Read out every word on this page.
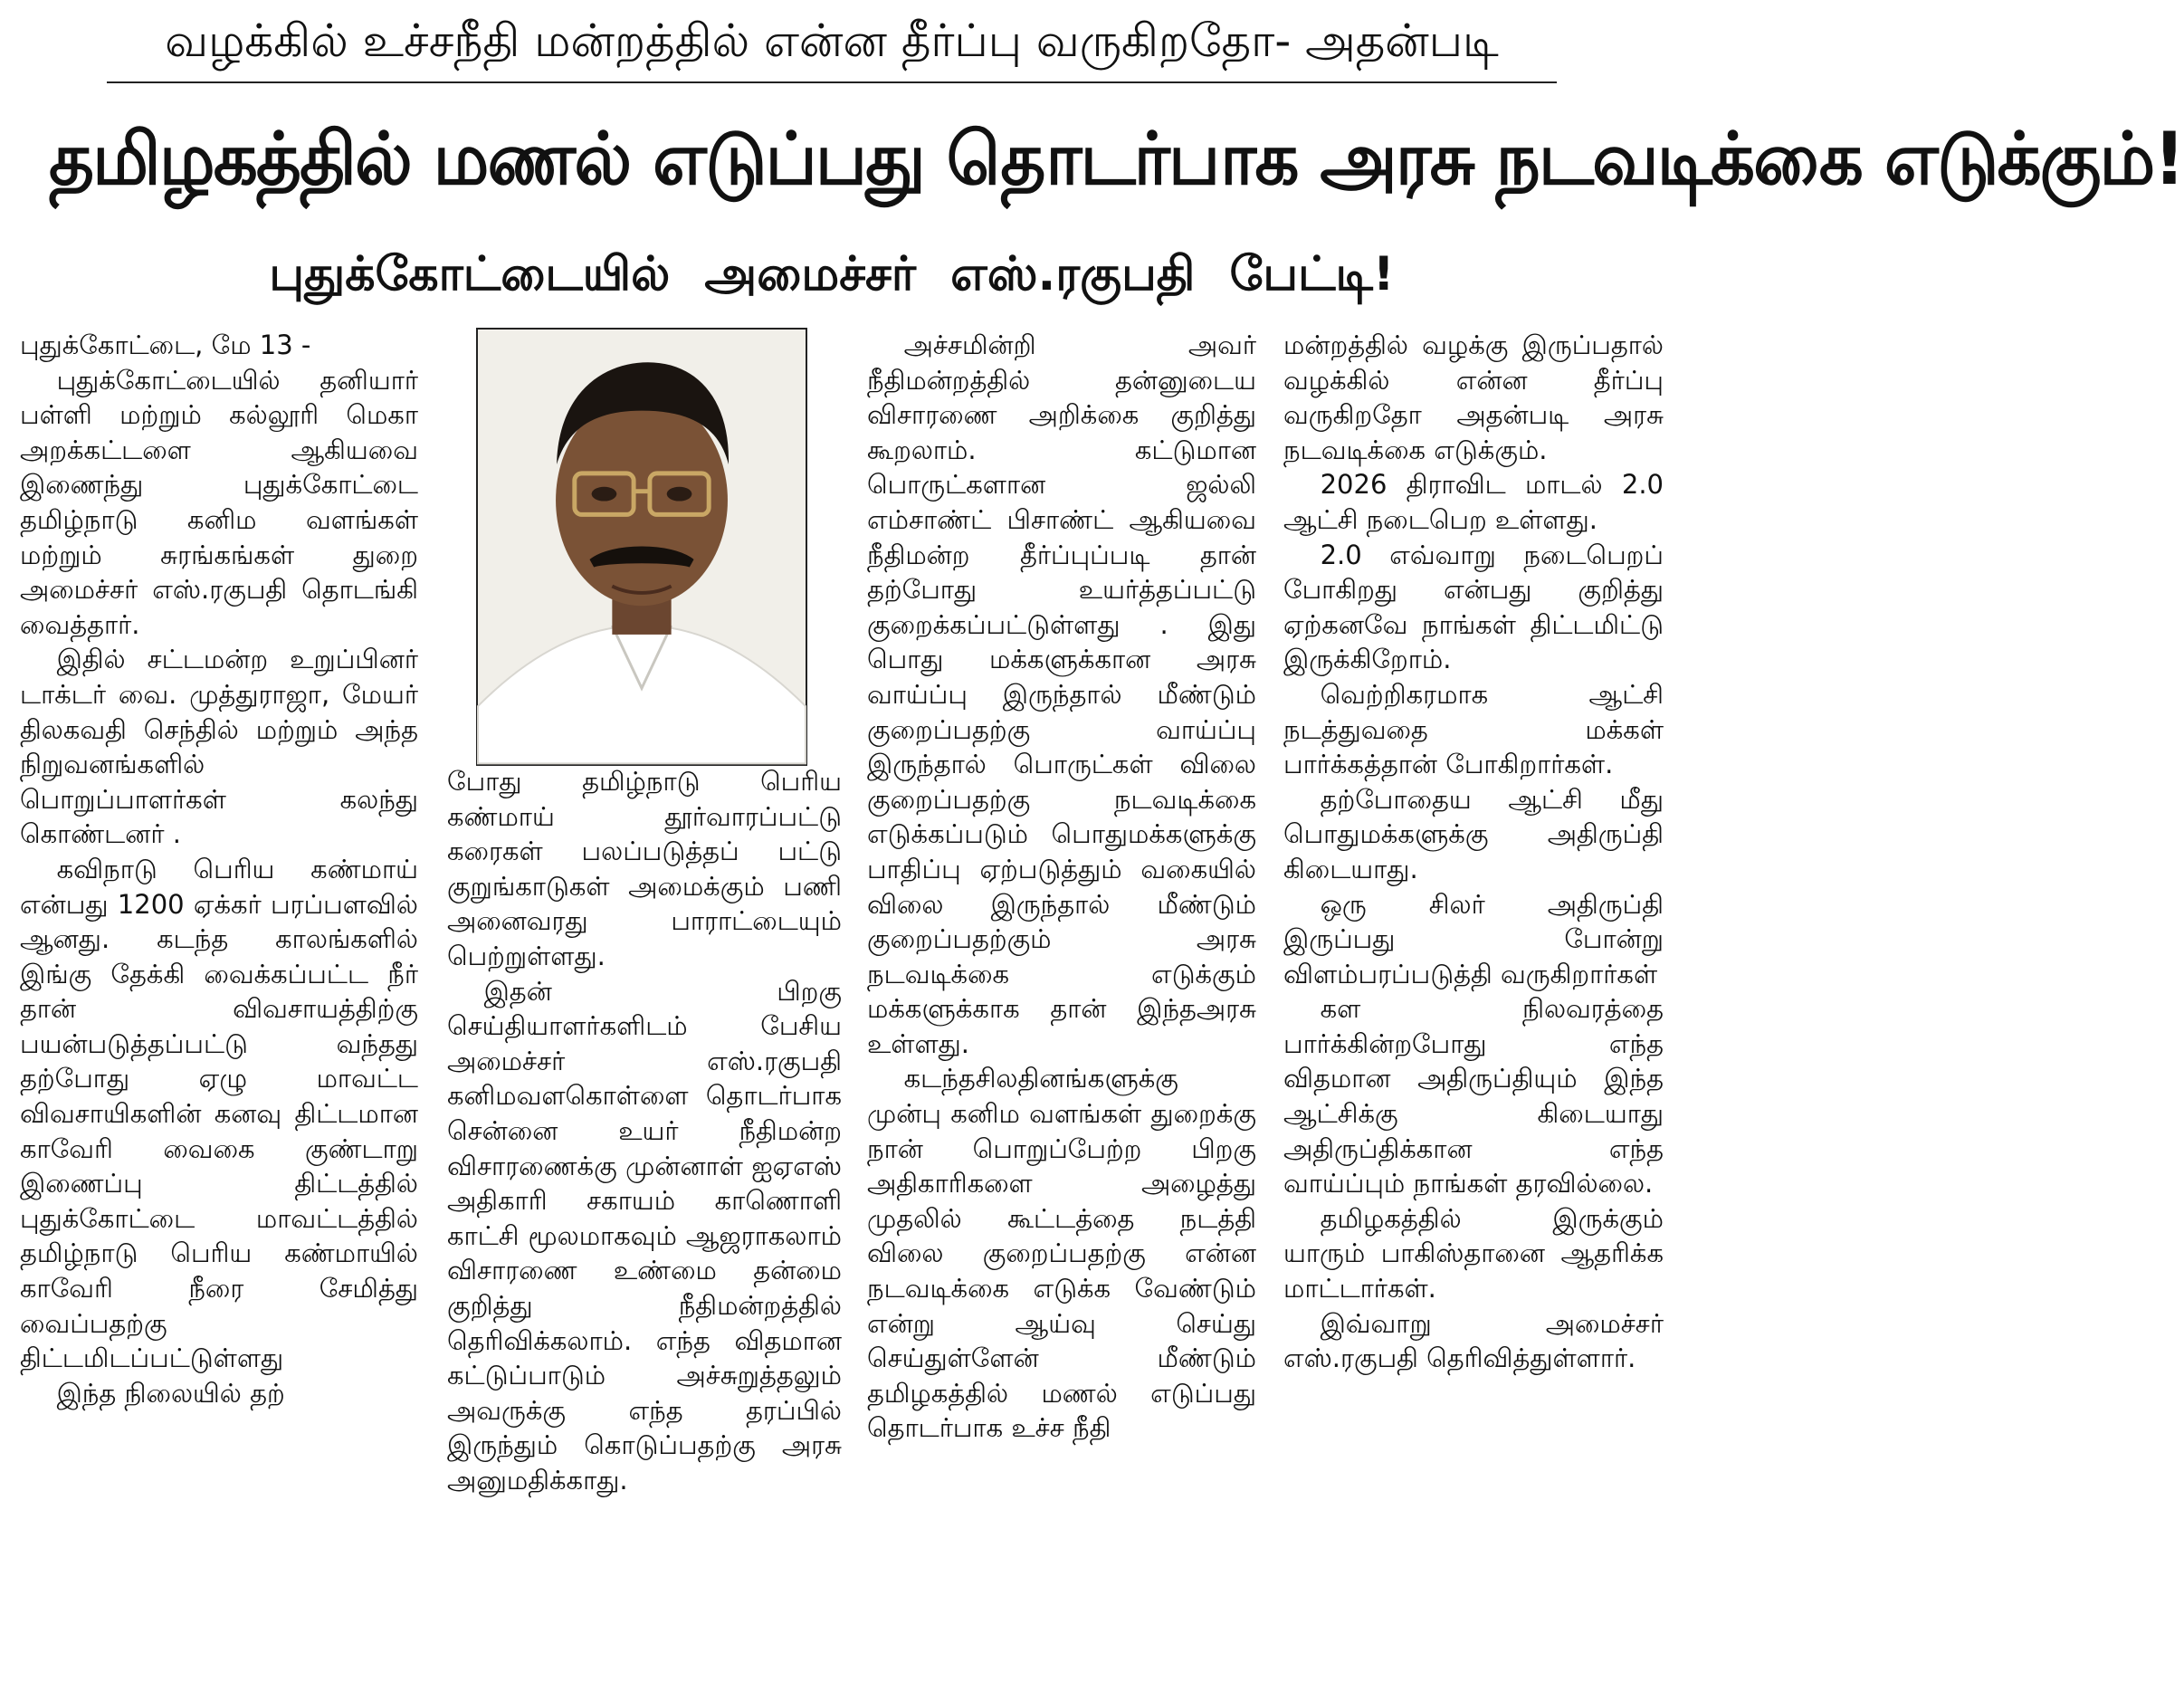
வழக்கில் உச்சநீதி மன்றத்தில் என்ன தீர்ப்பு வருகிறதோ- அதன்படி
தமிழகத்தில் மணல் எடுப்பது தொடர்பாக அரசு நடவடிக்கை எடுக்கும்!
புதுக்கோட்டையில் அமைச்சர் எஸ்.ரகுபதி பேட்டி!

புதுக்கோட்டை, மே 13 -

புதுக்கோட்டையில் தனியார் பள்ளி மற்றும் கல்லூரி மெகா அறக்கட்டளை ஆகியவை இணைந்து புதுக்கோட்டை தமிழ்நாடு கனிம வளங்கள் மற்றும் சுரங்கங்கள் துறை அமைச்சர் எஸ்.ரகுபதி தொடங்கி வைத்தார்.

இதில் சட்டமன்ற உறுப்பினர் டாக்டர் வை. முத்துராஜா, மேயர் திலகவதி செந்தில் மற்றும் அந்த நிறுவனங்களில் பொறுப்பாளர்கள் கலந்து கொண்டனர் .

கவிநாடு பெரிய கண்மாய் என்பது 1200 ஏக்கர் பரப்பளவில் ஆனது. கடந்த காலங்களில் இங்கு தேக்கி வைக்கப்பட்ட நீர் தான் விவசாயத்திற்கு பயன்படுத்தப்பட்டு வந்தது தற்போது ஏழு மாவட்ட விவசாயிகளின் கனவு திட்டமான காவேரி வைகை குண்டாறு இணைப்பு திட்டத்தில் புதுக்கோட்டை மாவட்டத்தில் தமிழ்நாடு பெரிய கண்மாயில் காவேரி நீரை சேமித்து வைப்பதற்கு திட்டமிடப்பட்டுள்ளது

இந்த நிலையில் தற்

போது தமிழ்நாடு பெரிய கண்மாய் தூர்வாரப்பட்டு கரைகள் பலப்படுத்தப் பட்டு குறுங்காடுகள் அமைக்கும் பணி அனைவரது பாராட்டையும் பெற்றுள்ளது.

இதன் பிறகு செய்தியாளர்களிடம் பேசிய அமைச்சர் எஸ்.ரகுபதி கனிமவளகொள்ளை தொடர்பாக சென்னை உயர் நீதிமன்ற விசாரணைக்கு முன்னாள் ஐஏஎஸ் அதிகாரி சகாயம் காணொளி காட்சி மூலமாகவும் ஆஜராகலாம் விசாரணை உண்மை தன்மை குறித்து நீதிமன்றத்தில் தெரிவிக்கலாம். எந்த விதமான கட்டுப்பாடும் அச்சுறுத்தலும் அவருக்கு எந்த தரப்பில் இருந்தும் கொடுப்பதற்கு அரசு அனுமதிக்காது.

அச்சமின்றி அவர் நீதிமன்றத்தில் தன்னுடைய விசாரணை அறிக்கை குறித்து கூறலாம். கட்டுமான பொருட்களான ஜல்லி எம்சாண்ட் பிசாண்ட் ஆகியவை நீதிமன்ற தீர்ப்புப்படி தான் தற்போது உயர்த்தப்பட்டு குறைக்கப்பட்டுள்ளது . இது பொது மக்களுக்கான அரசு வாய்ப்பு இருந்தால் மீண்டும் குறைப்பதற்கு வாய்ப்பு இருந்தால் பொருட்கள் விலை குறைப்பதற்கு நடவடிக்கை எடுக்கப்படும் பொதுமக்களுக்கு பாதிப்பு ஏற்படுத்தும் வகையில் விலை இருந்தால் மீண்டும் குறைப்பதற்கும் அரசு நடவடிக்கை எடுக்கும் மக்களுக்காக தான் இந்தஅரசு உள்ளது.

கடந்தசிலதினங்களுக்கு முன்பு கனிம வளங்கள் துறைக்கு நான் பொறுப்பேற்ற பிறகு அதிகாரிகளை அழைத்து முதலில் கூட்டத்தை நடத்தி விலை குறைப்பதற்கு என்ன நடவடிக்கை எடுக்க வேண்டும் என்று ஆய்வு செய்து செய்துள்ளேன் மீண்டும் தமிழகத்தில் மணல் எடுப்பது தொடர்பாக உச்ச நீதி

மன்றத்தில் வழக்கு இருப்பதால் வழக்கில் என்ன தீர்ப்பு வருகிறதோ அதன்படி அரசு நடவடிக்கை எடுக்கும்.

2026 திராவிட மாடல் 2.0 ஆட்சி நடைபெற உள்ளது.

2.0 எவ்வாறு நடைபெறப் போகிறது என்பது குறித்து ஏற்கனவே நாங்கள் திட்டமிட்டு இருக்கிறோம்.

வெற்றிகரமாக ஆட்சி நடத்துவதை மக்கள் பார்க்கத்தான் போகிறார்கள்.

தற்போதைய ஆட்சி மீது பொதுமக்களுக்கு அதிருப்தி கிடையாது.

ஒரு சிலர் அதிருப்தி இருப்பது போன்று விளம்பரப்படுத்தி வருகிறார்கள்

கள நிலவரத்தை பார்க்கின்றபோது எந்த விதமான அதிருப்தியும் இந்த ஆட்சிக்கு கிடையாது அதிருப்திக்கான எந்த வாய்ப்பும் நாங்கள் தரவில்லை.

தமிழகத்தில் இருக்கும் யாரும் பாகிஸ்தானை ஆதரிக்க மாட்டார்கள்.

இவ்வாறு அமைச்சர் எஸ்.ரகுபதி தெரிவித்துள்ளார்.
